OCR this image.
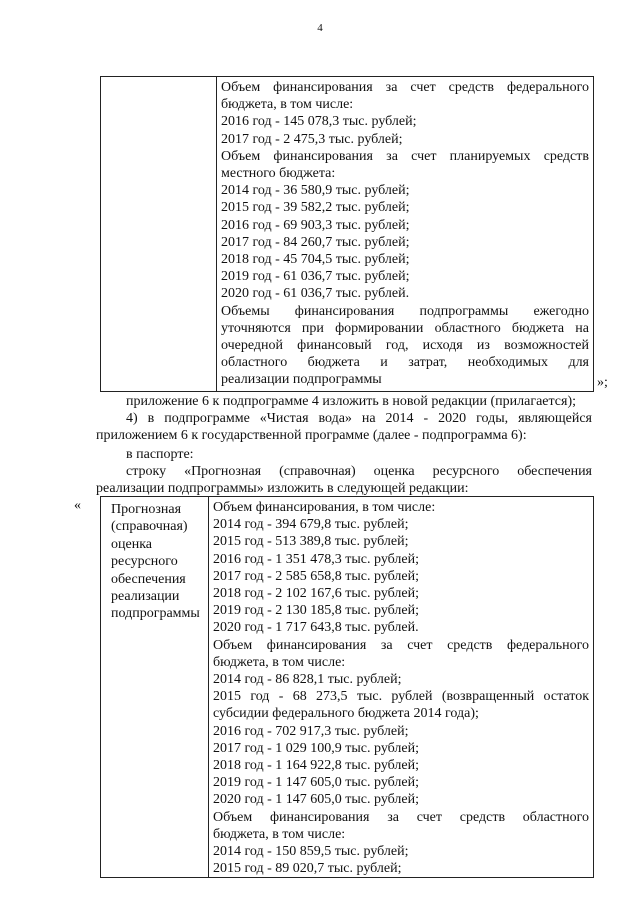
4
Объем финансирования за счет средств федерального
бюджета, в том числе:
2016 год - 145 078,3 тыс. рублей;
2017 год - 2 475,3 тыс. рублей;
Объем финансирования за счет планируемых средств
местного бюджета:
2014 год - 36 580,9 тыс. рублей;
2015 год - 39 582,2 тыс. рублей;
2016 год - 69 903,3 тыс. рублей;
2017 год - 84 260,7 тыс. рублей;
2018 год - 45 704,5 тыс. рублей;
2019 год - 61 036,7 тыс. рублей;
2020 год - 61 036,7 тыс. рублей.
Объемы финансирования подпрограммы ежегодно
уточняются при формировании областного бюджета на
очередной финансовый год, исходя из возможностей
областного бюджета и затрат, необходимых для
реализации подпрограммы	»;
приложение 6 к подпрограмме 4 изложить в новой редакции (прилагается);
4) в подпрограмме «Чистая вода» на 2014 - 2020 годы, являющейся
приложением 6 к государственной программе (далее - подпрограмма 6):
в паспорте:
строку «Прогнозная (справочная) оценка ресурсного обеспечения
реализации подпрограммы» изложить в следующей редакции:
« Прогнозная
(справочная)
оценка
ресурсного
обеспечения
реализации
подпрограммы
Объем финансирования, в том числе:
2014 год - 394 679,8 тыс. рублей;
2015 год - 513 389,8 тыс. рублей;
2016 год - 1 351 478,3 тыс. рублей;
2017 год - 2 585 658,8 тыс. рублей;
2018 год - 2 102 167,6 тыс. рублей;
2019 год - 2 130 185,8 тыс. рублей;
2020 год - 1 717 643,8 тыс. рублей.
Объем финансирования за счет средств федерального
бюджета, в том числе:
2014 год - 86 828,1 тыс. рублей;
2015 год - 68 273,5 тыс. рублей (возвращенный остаток
субсидии федерального бюджета 2014 года);
2016 год - 702 917,3 тыс. рублей;
2017 год - 1 029 100,9 тыс. рублей;
2018 год - 1 164 922,8 тыс. рублей;
2019 год - 1 147 605,0 тыс. рублей;
2020 год - 1 147 605,0 тыс. рублей;
Объем финансирования за счет средств областного
бюджета, в том числе:
2014 год - 150 859,5 тыс. рублей;
2015 год - 89 020,7 тыс. рублей;
